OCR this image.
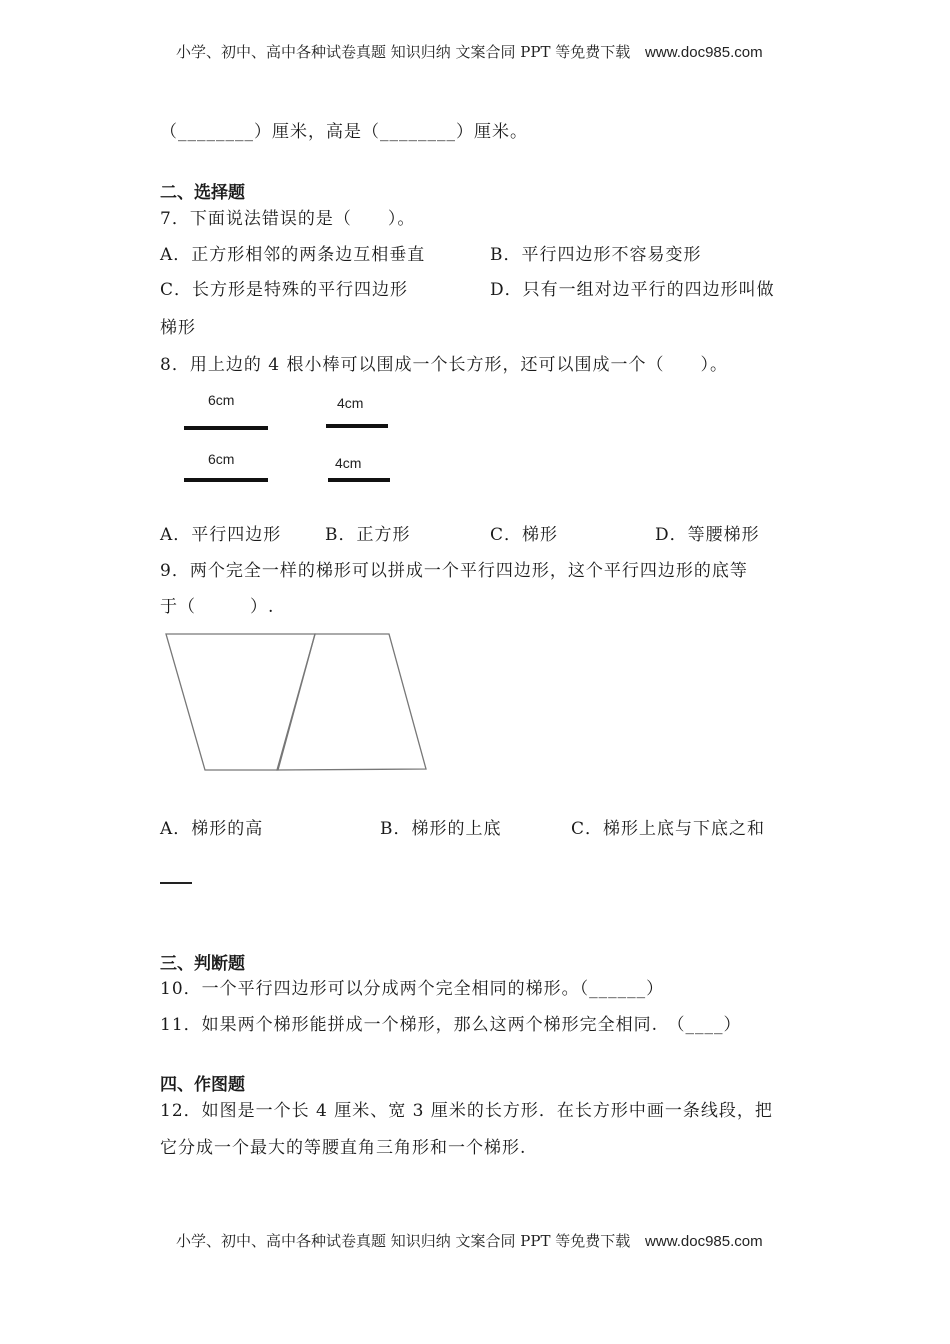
小学、初中、高中各种试卷真题 知识归纳 文案合同 PPT 等免费下载 www.doc985.com
（________）厘米，高是（________）厘米。
二、选择题
7．下面说法错误的是（　　）。
A．正方形相邻的两条边互相垂直	B．平行四边形不容易变形
C．长方形是特殊的平行四边形	D．只有一组对边平行的四边形叫做
梯形
8．用上边的 4 根小棒可以围成一个长方形，还可以围成一个（　　）。
6cm	4cm
6cm	4cm
A．平行四边形	B．正方形	C．梯形	D．等腰梯形
9．两个完全一样的梯形可以拼成一个平行四边形，这个平行四边形的底等
于（　　　）.
A．梯形的高	B．梯形的上底	C．梯形上底与下底之和
三、判断题
10．一个平行四边形可以分成两个完全相同的梯形。（______）
11．如果两个梯形能拼成一个梯形，那么这两个梯形完全相同.　（____）
四、作图题
12．如图是一个长 4 厘米、宽 3 厘米的长方形．在长方形中画一条线段，把
它分成一个最大的等腰直角三角形和一个梯形.
小学、初中、高中各种试卷真题 知识归纳 文案合同 PPT 等免费下载 www.doc985.com
